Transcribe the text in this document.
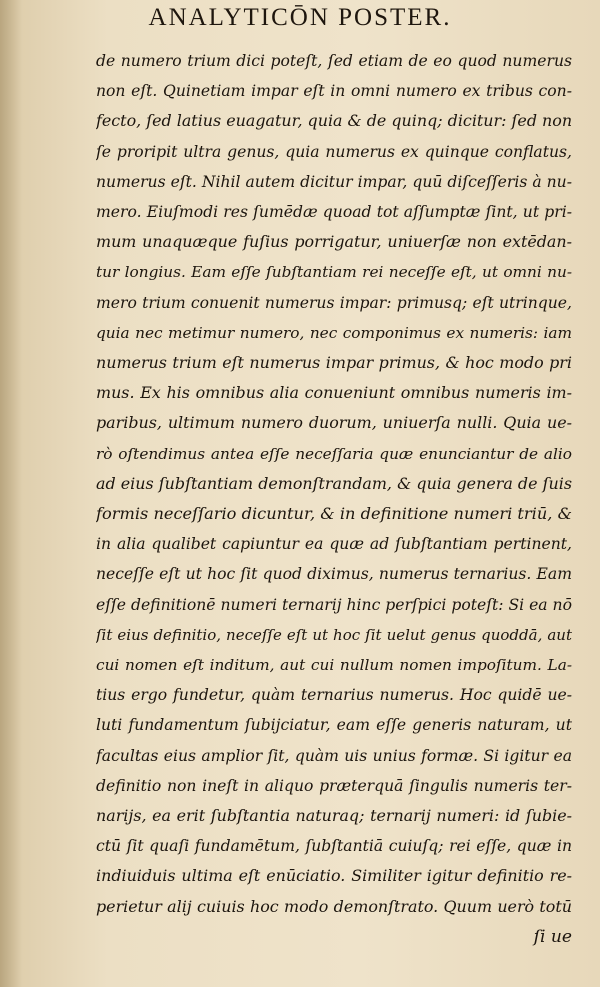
ANALYTICŌN POSTER.
de numero trium dici poteſt, ſed etiam de eo quod numerus
non eſt. Quinetiam impar eſt in omni numero ex tribus con-
fecto, ſed latius euagatur, quia & de quinq; dicitur: ſed non
ſe proripit ultra genus, quia numerus ex quinque conflatus,
numerus eſt. Nihil autem dicitur impar, quū diſceſſeris à nu-
mero. Eiuſmodi res ſumēdæ quoad tot aſſumptæ ſint, ut pri-
mum unaquæque fuſius porrigatur, uniuerſæ non extēdan-
tur longius. Eam eſſe ſubſtantiam rei neceſſe eſt, ut omni nu-
mero trium conuenit numerus impar: primusq; eſt utrinque,
quia nec metimur numero, nec componimus ex numeris: iam
numerus trium eſt numerus impar primus, & hoc modo pri
mus. Ex his omnibus alia conueniunt omnibus numeris im-
paribus, ultimum numero duorum, uniuerſa nulli. Quia ue-
rò oſtendimus antea eſſe neceſſaria quæ enunciantur de alio
ad eius ſubſtantiam demonſtrandam, & quia genera de ſuis
formis neceſſario dicuntur, & in definitione numeri triū, &
in alia qualibet capiuntur ea quæ ad ſubſtantiam pertinent,
neceſſe eſt ut hoc ſit quod diximus, numerus ternarius. Eam
eſſe definitionē numeri ternarij hinc perſpici poteſt: Si ea nō
ſit eius definitio, neceſſe eſt ut hoc ſit uelut genus quoddā, aut
cui nomen eſt inditum, aut cui nullum nomen impoſitum. La-
tius ergo fundetur, quàm ternarius numerus. Hoc quidē ue-
luti fundamentum ſubijciatur, eam eſſe generis naturam, ut
facultas eius amplior ſit, quàm uis unius formæ. Si igitur ea
definitio non ineſt in aliquo præterquā ſingulis numeris ter-
narijs, ea erit ſubſtantia naturaq; ternarij numeri: id ſubie-
ctū ſit quaſi fundamētum, ſubſtantiā cuiuſq; rei eſſe, quæ in
indiuiduis ultima eſt enūciatio. Similiter igitur definitio re-
perietur alij cuiuis hoc modo demonſtrato. Quum uerò totū
ſi ue
